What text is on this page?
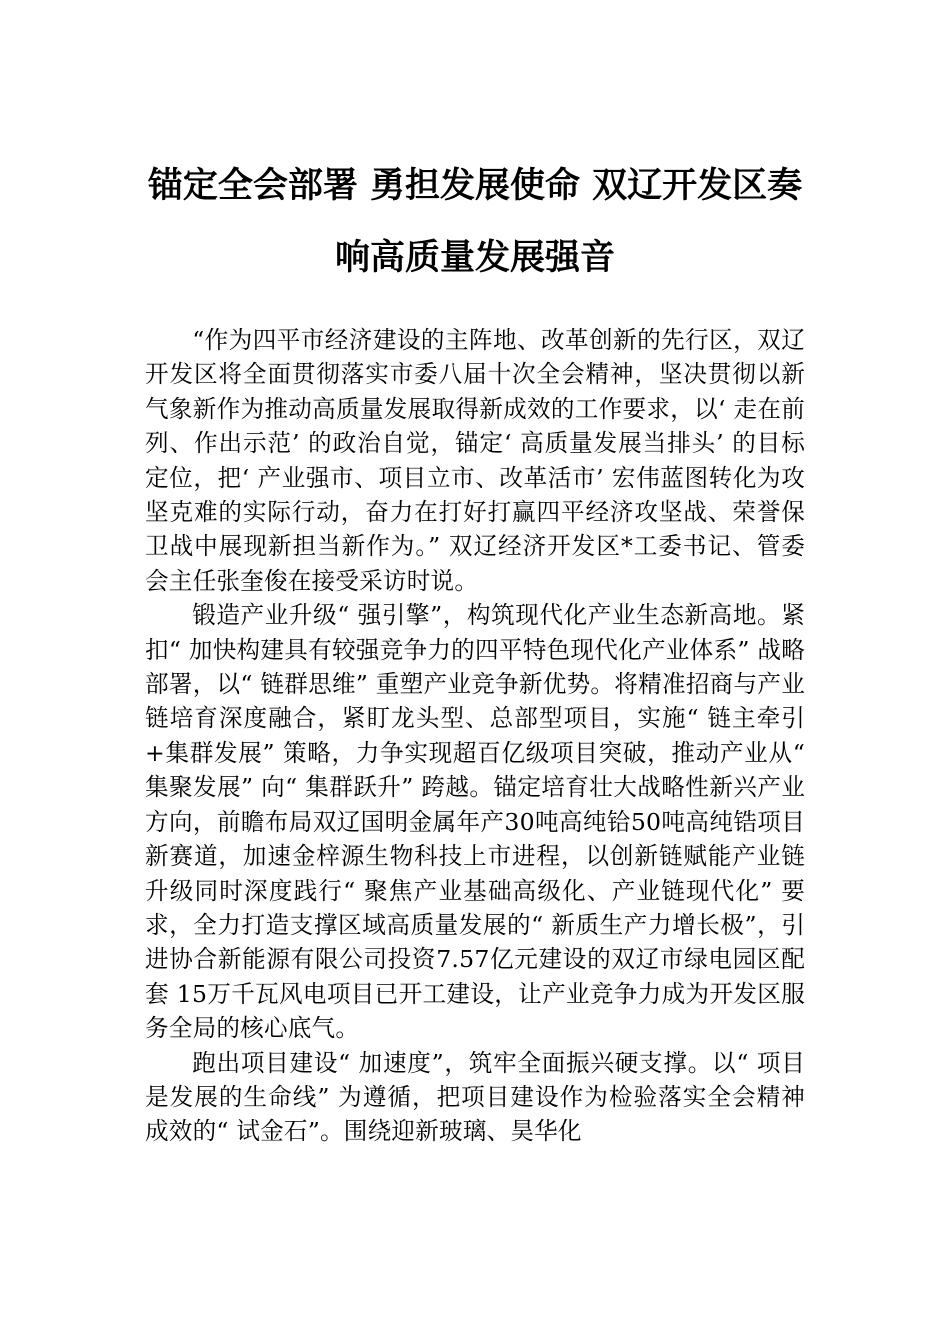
锚定全会部署 勇担发展使命 双辽开发区奏
响高质量发展强音

“作为四平市经济建设的主阵地、改革创新的先行区，双辽开发区将全面贯彻落实市委八届十次全会精神，坚决贯彻以新气象新作为推动高质量发展取得新成效的工作要求，以‘ 走在前列、作出示范’ 的政治自觉，锚定‘ 高质量发展当排头’ 的目标定位，把‘ 产业强市、项目立市、改革活市’ 宏伟蓝图转化为攻坚克难的实际行动，奋力在打好打赢四平经济攻坚战、荣誉保卫战中展现新担当新作为。” 双辽经济开发区*工委书记、管委会主任张奎俊在接受采访时说。

锻造产业升级“ 强引擎”，构筑现代化产业生态新高地。紧扣“ 加快构建具有较强竞争力的四平特色现代化产业体系” 战略部署，以“ 链群思维” 重塑产业竞争新优势。将精准招商与产业链培育深度融合，紧盯龙头型、总部型项目，实施“ 链主牵引+集群发展” 策略，力争实现超百亿级项目突破，推动产业从“ 集聚发展” 向“ 集群跃升” 跨越。锚定培育壮大战略性新兴产业方向，前瞻布局双辽国明金属年产30吨高纯铪50吨高纯锆项目新赛道，加速金梓源生物科技上市进程，以创新链赋能产业链升级同时深度践行“ 聚焦产业基础高级化、产业链现代化” 要求，全力打造支撑区域高质量发展的“ 新质生产力增长极”，引进协合新能源有限公司投资7.57亿元建设的双辽市绿电园区配套 15万千瓦风电项目已开工建设，让产业竞争力成为开发区服务全局的核心底气。

跑出项目建设“ 加速度”，筑牢全面振兴硬支撑。以“ 项目是发展的生命线” 为遵循，把项目建设作为检验落实全会精神成效的“ 试金石”。围绕迎新玻璃、昊华化
